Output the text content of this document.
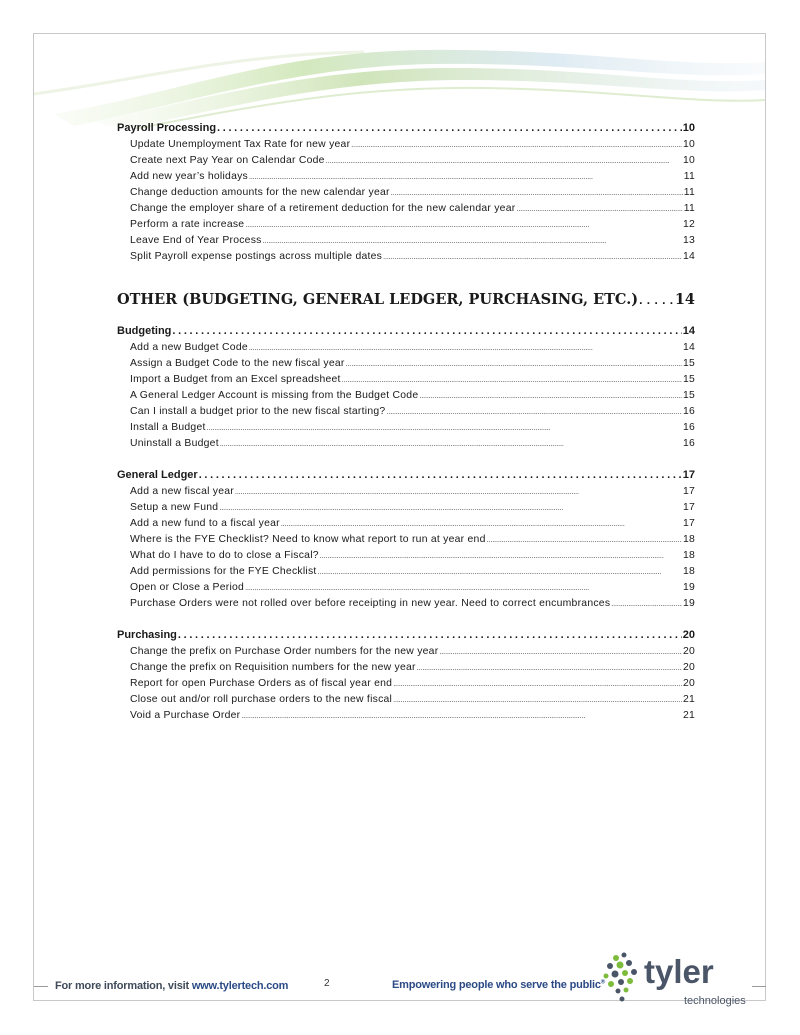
Payroll Processing . . .	10
Update Unemployment Tax Rate for new year . . .	10
Create next Pay Year on Calendar Code . . .	10
Add new year’s holidays . . .	11
Change deduction amounts for the new calendar year . . .	11
Change the employer share of a retirement deduction for the new calendar year . . .	11
Perform a rate increase . . .	12
Leave End of Year Process . . .	13
Split Payroll expense postings across multiple dates . . .	14
OTHER (BUDGETING, GENERAL LEDGER, PURCHASING, ETC.) . . .	14
Budgeting . . .	14
Add a new Budget Code . . .	14
Assign a Budget Code to the new fiscal year . . .	15
Import a Budget from an Excel spreadsheet . . .	15
A General Ledger Account is missing from the Budget Code . . .	15
Can I install a budget prior to the new fiscal starting? . . .	16
Install a Budget . . .	16
Uninstall a Budget . . .	16
General Ledger . . .	17
Add a new fiscal year . . .	17
Setup a new Fund . . .	17
Add a new fund to a fiscal year . . .	17
Where is the FYE Checklist? Need to know what report to run at year end . . .	18
What do I have to do to close a Fiscal? . . .	18
Add permissions for the FYE Checklist . . .	18
Open or Close a Period . . .	19
Purchase Orders were not rolled over before receipting in new year. Need to correct encumbrances . . .	19
Purchasing . . .	20
Change the prefix on Purchase Order numbers for the new year . . .	20
Change the prefix on Requisition numbers for the new year . . .	20
Report for open Purchase Orders as of fiscal year end . . .	20
Close out and/or roll purchase orders to the new fiscal . . .	21
Void a Purchase Order . . .	21
For more information, visit www.tylertech.com	2	Empowering people who serve the public® tyler
technologies
